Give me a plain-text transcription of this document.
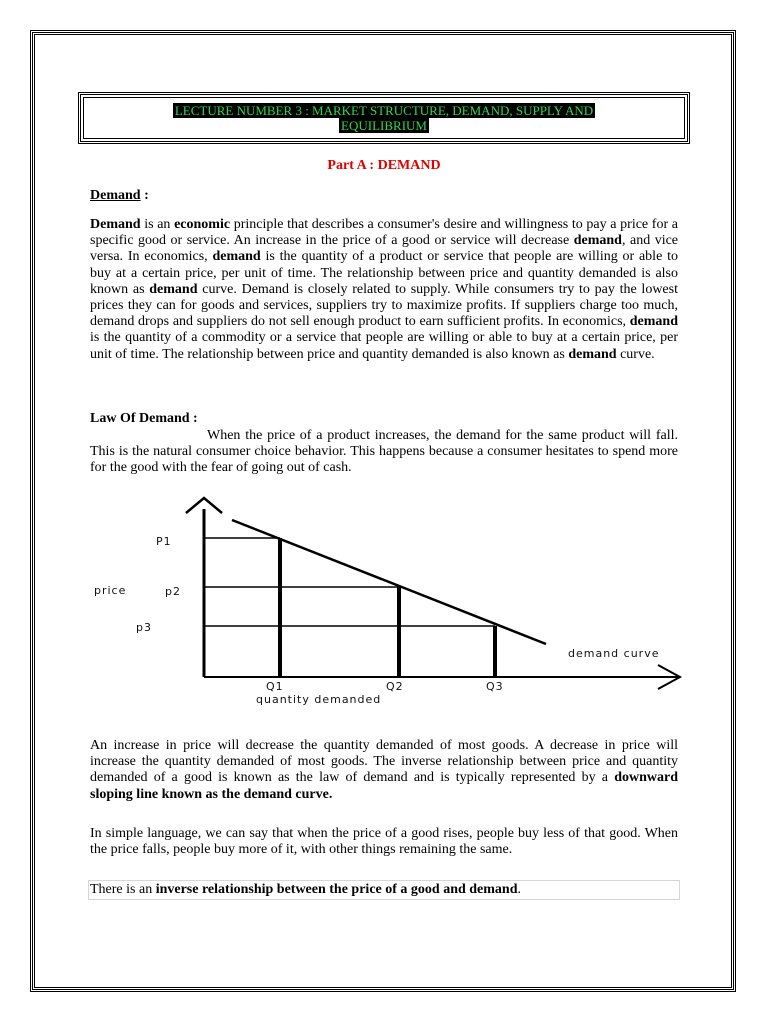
LECTURE NUMBER 3 : MARKET STRUCTURE, DEMAND, SUPPLY AND
EQUILIBRIUM
Part A : DEMAND
Demand :
Demand is an economic principle that describes a consumer's desire and willingness to pay a price for a specific good or service. An increase in the price of a good or service will decrease demand, and vice versa. In economics, demand is the quantity of a product or service that people are willing or able to buy at a certain price, per unit of time. The relationship between price and quantity demanded is also known as demand curve. Demand is closely related to supply. While consumers try to pay the lowest prices they can for goods and services, suppliers try to maximize profits. If suppliers charge too much, demand drops and suppliers do not sell enough product to earn sufficient profits. In economics, demand is the quantity of a commodity or a service that people are willing or able to buy at a certain price, per unit of time. The relationship between price and quantity demanded is also known as demand curve.
Law Of Demand :
When the price of a product increases, the demand for the same product will fall. This is the natural consumer choice behavior. This happens because a consumer hesitates to spend more for the good with the fear of going out of cash.
P1
p2
p3
price
Q1	Q2	Q3
quantity demanded
demand curve
An increase in price will decrease the quantity demanded of most goods. A decrease in price will increase the quantity demanded of most goods. The inverse relationship between price and quantity demanded of a good is known as the law of demand and is typically represented by a downward sloping line known as the demand curve.
In simple language, we can say that when the price of a good rises, people buy less of that good. When the price falls, people buy more of it, with other things remaining the same.
There is an inverse relationship between the price of a good and demand.
